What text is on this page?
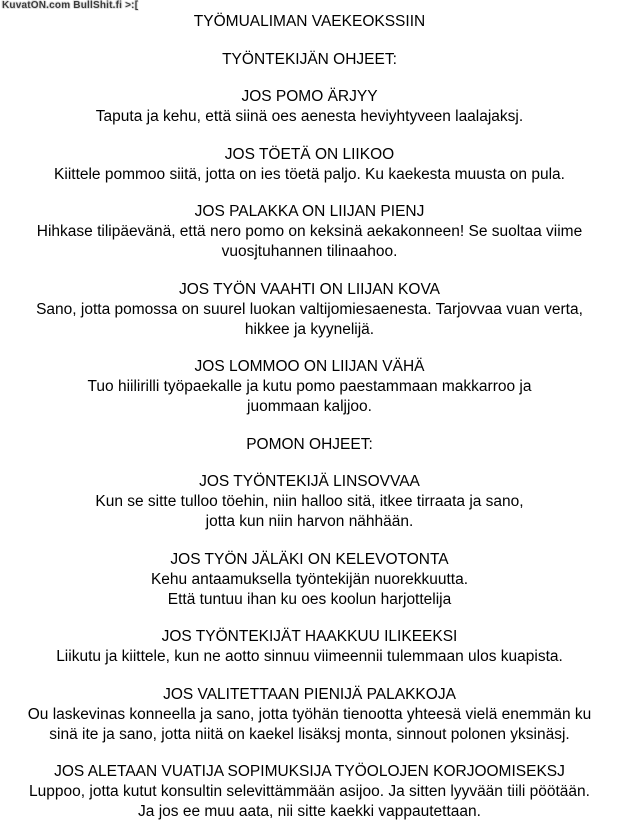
KuvatON.com BullShit.fi >:[
TYÖMUALIMAN VAEKEOKSSIIN
TYÖNTEKIJÄN OHJEET:
JOS POMO ÄRJYY
Taputa ja kehu, että siinä oes aenesta heviyhtyveen laalajaksj.
JOS TÖETÄ ON LIIKOO
Kiittele pommoo siitä, jotta on ies töetä paljo. Ku kaekesta muusta on pula.
JOS PALAKKA ON LIIJAN PIENJ
Hihkase tilipäevänä, että nero pomo on keksinä aekakonneen! Se suoltaa viime
vuosjtuhannen tilinaahoo.
JOS TYÖN VAAHTI ON LIIJAN KOVA
Sano, jotta pomossa on suurel luokan valtijomiesaenesta. Tarjovvaa vuan verta,
hikkee ja kyynelijä.
JOS LOMMOO ON LIIJAN VÄHÄ
Tuo hiilirilli työpaekalle ja kutu pomo paestammaan makkarroo ja
juommaan kaljjoo.
POMON OHJEET:
JOS TYÖNTEKIJÄ LINSOVVAA
Kun se sitte tulloo töehin, niin halloo sitä, itkee tirraata ja sano,
jotta kun niin harvon nähhään.
JOS TYÖN JÄLÄKI ON KELEVOTONTA
Kehu antaamuksella työntekijän nuorekkuutta.
Että tuntuu ihan ku oes koolun harjottelija
JOS TYÖNTEKIJÄT HAAKKUU ILIKEEKSI
Liikutu ja kiittele, kun ne aotto sinnuu viimeennii tulemmaan ulos kuapista.
JOS VALITETTAAN PIENIJÄ PALAKKOJA
Ou laskevinas konneella ja sano, jotta työhän tienootta yhteesä vielä enemmän ku
sinä ite ja sano, jotta niitä on kaekel lisäksj monta, sinnout polonen yksinäsj.
JOS ALETAAN VUATIJA SOPIMUKSIJA TYÖOLOJEN KORJOOMISEKSJ
Luppoo, jotta kutut konsultin selevittämmään asijoo. Ja sitten lyyvään tiili pöötään.
Ja jos ee muu aata, nii sitte kaekki vappautettaan.
